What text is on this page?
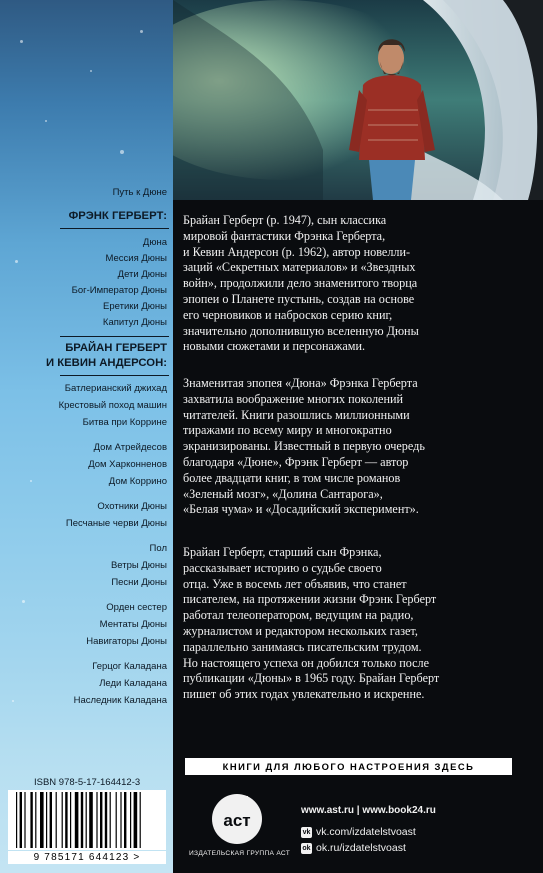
Путь к Дюне
ФРЭНК ГЕРБЕРТ:
Дюна
Мессия Дюны
Дети Дюны
Бог-Император Дюны
Еретики Дюны
Капитул Дюны
БРАЙАН ГЕРБЕРТ
И КЕВИН АНДЕРСОН:
Батлерианский джихад
Крестовый поход машин
Битва при Коррине
Дом Атрейдесов
Дом Харконненов
Дом Коррино
Охотники Дюны
Песчаные черви Дюны
Пол
Ветры Дюны
Песни Дюны
Орден сестер
Ментаты Дюны
Навигаторы Дюны
Герцог Каладана
Леди Каладана
Наследник Каладана
ISBN 978-5-17-164412-3
9 785171 644123 >

Брайан Герберт (р. 1947), сын классика

мировой фантастики Фрэнка Герберта,

и Кевин Андерсон (р. 1962), автор новелли-

заций «Секретных материалов» и «Звездных

войн», продолжили дело знаменитого творца

эпопеи о Планете пустынь, создав на основе

его черновиков и набросков серию книг,

значительно дополнившую вселенную Дюны

новыми сюжетами и персонажами.

Знаменитая эпопея «Дюна» Фрэнка Герберта

захватила воображение многих поколений

читателей. Книги разошлись миллионными

тиражами по всему миру и многократно

экранизированы. Известный в первую очередь

благодаря «Дюне», Фрэнк Герберт — автор

более двадцати книг, в том числе романов

«Зеленый мозг», «Долина Сантарога»,

«Белая чума» и «Досадийский эксперимент».

Брайан Герберт, старший сын Фрэнка,

рассказывает историю о судьбе своего

отца. Уже в восемь лет объявив, что станет

писателем, на протяжении жизни Фрэнк Герберт

работал телеоператором, ведущим на радио,

журналистом и редактором нескольких газет,

параллельно занимаясь писательским трудом.

Но настоящего успеха он добился только после

публикации «Дюны» в 1965 году. Брайан Герберт

пишет об этих годах увлекательно и искренне.

КНИГИ ДЛЯ ЛЮБОГО НАСТРОЕНИЯ ЗДЕСЬ
аст
ИЗДАТЕЛЬСКАЯ ГРУППА АСТ
www.ast.ru | www.book24.ru
vk vk.com/izdatelstvoast
ok ok.ru/izdatelstvoast
